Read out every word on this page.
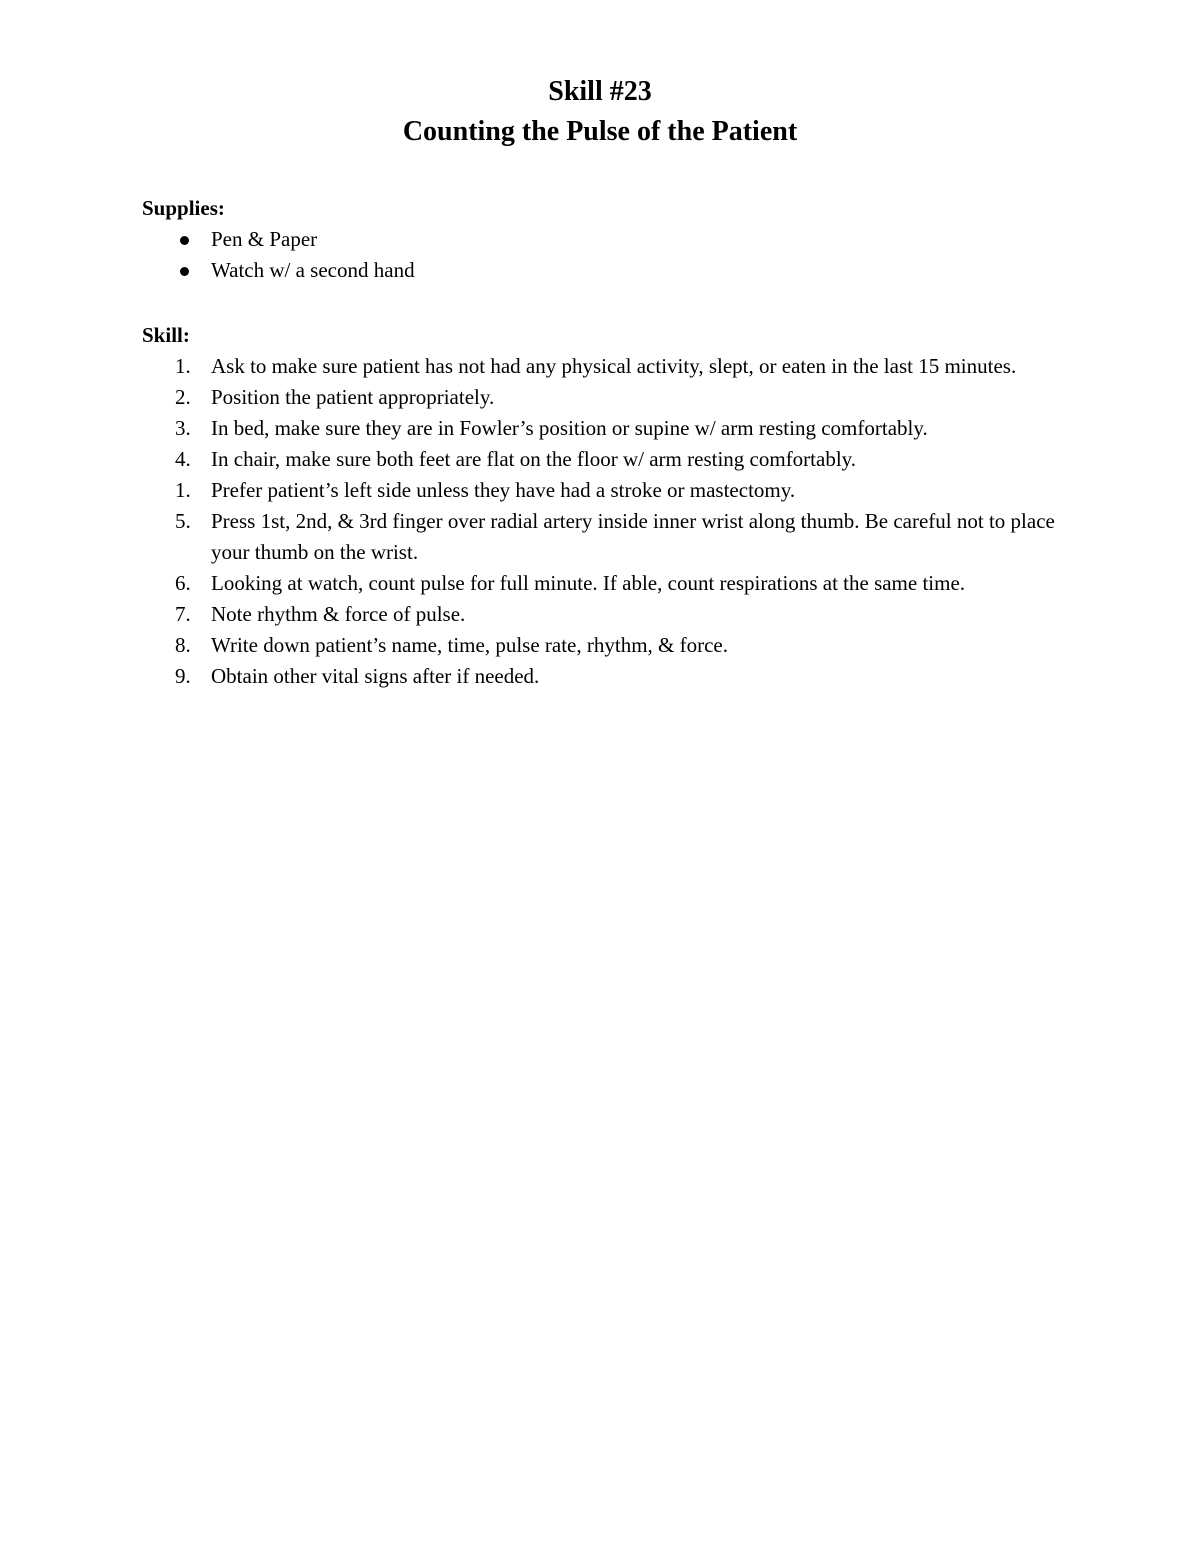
Skill #23

Counting the Pulse of the Patient

Supplies:

Pen & Paper
Watch w/ a second hand

Skill:

1. Ask to make sure patient has not had any physical activity, slept, or eaten in the last 15 minutes.
2. Position the patient appropriately.
3. In bed, make sure they are in Fowler’s position or supine w/ arm resting comfortably.
4. In chair, make sure both feet are flat on the floor w/ arm resting comfortably.
1. Prefer patient’s left side unless they have had a stroke or mastectomy.
5. Press 1st, 2nd, & 3rd finger over radial artery inside inner wrist along thumb. Be careful not to place your thumb on the wrist.
6. Looking at watch, count pulse for full minute. If able, count respirations at the same time.
7. Note rhythm & force of pulse.
8. Write down patient’s name, time, pulse rate, rhythm, & force.
9. Obtain other vital signs after if needed.
